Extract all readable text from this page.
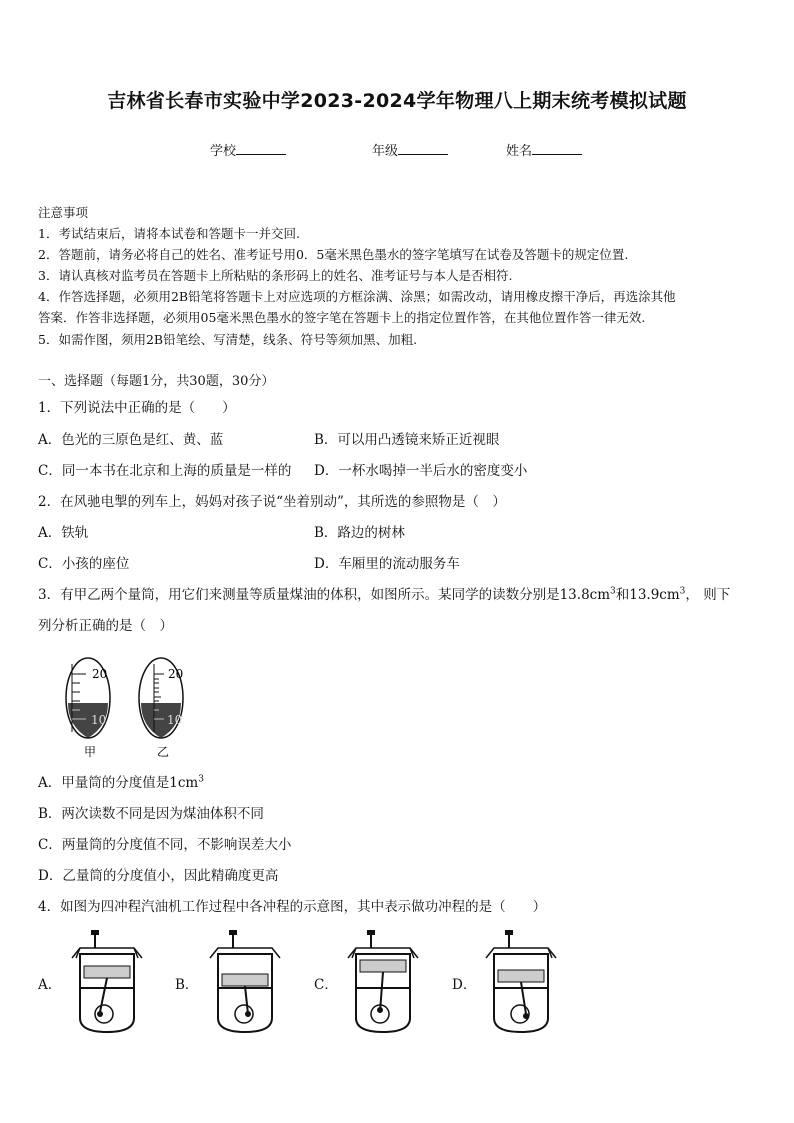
吉林省长春市实验中学2023-2024学年物理八上期末统考模拟试题
学校	年级	姓名
注意事项
1．考试结束后，请将本试卷和答题卡一并交回.
2．答题前，请务必将自己的姓名、准考证号用0．5毫米黑色墨水的签字笔填写在试卷及答题卡的规定位置.
3．请认真核对监考员在答题卡上所粘贴的条形码上的姓名、准考证号与本人是否相符.
4．作答选择题，必须用2B铅笔将答题卡上对应选项的方框涂满、涂黑；如需改动，请用橡皮擦干净后，再选涂其他
答案．作答非选择题，必须用05毫米黑色墨水的签字笔在答题卡上的指定位置作答，在其他位置作答一律无效.
5．如需作图，须用2B铅笔绘、写清楚，线条、符号等须加黑、加粗.
一、选择题（每题1分，共30题，30分）
1．下列说法中正确的是（　　）
A．色光的三原色是红、黄、蓝	B．可以用凸透镜来矫正近视眼
C．同一本书在北京和上海的质量是一样的 D．一杯水喝掉一半后水的密度变小
2．在风驰电掣的列车上，妈妈对孩子说“坐着别动”，其所选的参照物是（　）
A．铁轨	B．路边的树林
C．小孩的座位	D．车厢里的流动服务车
3．有甲乙两个量筒，用它们来测量等质量煤油的体积，如图所示。某同学的读数分别是$13.8cm^3$和$13.9cm^3$， 则下
列分析正确的是（　）
20
10
20
10
甲	乙
A．甲量筒的分度值是$1cm^3$
B．两次读数不同是因为煤油体积不同
C．两量筒的分度值不同，不影响误差大小
D．乙量筒的分度值小，因此精确度更高
4．如图为四冲程汽油机工作过程中各冲程的示意图，其中表示做功冲程的是（　　）
A．	B．	C．	D．
